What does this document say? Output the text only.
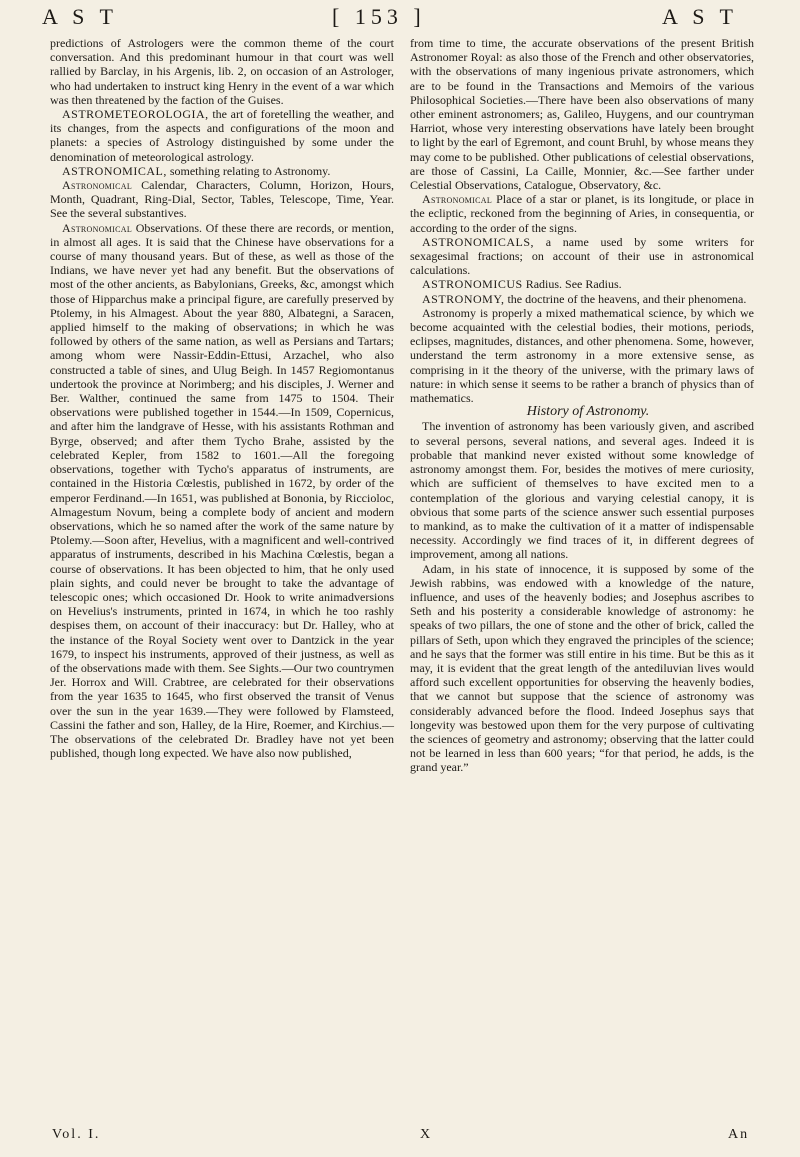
A S T	[ 153 ]	A S T

predictions of Astrologers were the common theme of the court conversation. And this predominant humour in that court was well rallied by Barclay, in his Argenis, lib. 2, on occasion of an Astrologer, who had undertaken to instruct king Henry in the event of a war which was then threatened by the faction of the Guises.

ASTROMETEOROLOGIA, the art of foretelling the weather, and its changes, from the aspects and configurations of the moon and planets: a species of Astrology distinguished by some under the denomination of meteorological astrology.

ASTRONOMICAL, something relating to Astronomy.

Astronomical Calendar, Characters, Column, Horizon, Hours, Month, Quadrant, Ring-Dial, Sector, Tables, Telescope, Time, Year. See the several substantives.

Astronomical Observations. Of these there are records, or mention, in almost all ages. It is said that the Chinese have observations for a course of many thousand years. But of these, as well as those of the Indians, we have never yet had any benefit. But the observations of most of the other ancients, as Babylonians, Greeks, &c, amongst which those of Hipparchus make a principal figure, are carefully preserved by Ptolemy, in his Almagest. About the year 880, Albategni, a Saracen, applied himself to the making of observations; in which he was followed by others of the same nation, as well as Persians and Tartars; among whom were Nassir-Eddin-Ettusi, Arzachel, who also constructed a table of sines, and Ulug Beigh. In 1457 Regiomontanus undertook the province at Norimberg; and his disciples, J. Werner and Ber. Walther, continued the same from 1475 to 1504. Their observations were published together in 1544.—In 1509, Copernicus, and after him the landgrave of Hesse, with his assistants Rothman and Byrge, observed; and after them Tycho Brahe, assisted by the celebrated Kepler, from 1582 to 1601.—All the foregoing observations, together with Tycho's apparatus of instruments, are contained in the Historia Cœlestis, published in 1672, by order of the emperor Ferdinand.—In 1651, was published at Bononia, by Riccioloc, Almagestum Novum, being a complete body of ancient and modern observations, which he so named after the work of the same nature by Ptolemy.—Soon after, Hevelius, with a magnificent and well-contrived apparatus of instruments, described in his Machina Cœlestis, began a course of observations. It has been objected to him, that he only used plain sights, and could never be brought to take the advantage of telescopic ones; which occasioned Dr. Hook to write animadversions on Hevelius's instruments, printed in 1674, in which he too rashly despises them, on account of their inaccuracy: but Dr. Halley, who at the instance of the Royal Society went over to Dantzick in the year 1679, to inspect his instruments, approved of their justness, as well as of the observations made with them. See Sights.—Our two countrymen Jer. Horrox and Will. Crabtree, are celebrated for their observations from the year 1635 to 1645, who first observed the transit of Venus over the sun in the year 1639.—They were followed by Flamsteed, Cassini the father and son, Halley, de la Hire, Roemer, and Kirchius.—The observations of the celebrated Dr. Bradley have not yet been published, though long expected. We have also now published,

from time to time, the accurate observations of the present British Astronomer Royal: as also those of the French and other observatories, with the observations of many ingenious private astronomers, which are to be found in the Transactions and Memoirs of the various Philosophical Societies.—There have been also observations of many other eminent astronomers; as, Galileo, Huygens, and our countryman Harriot, whose very interesting observations have lately been brought to light by the earl of Egremont, and count Bruhl, by whose means they may come to be published. Other publications of celestial observations, are those of Cassini, La Caille, Monnier, &c.—See farther under Celestial Observations, Catalogue, Observatory, &c.

Astronomical Place of a star or planet, is its longitude, or place in the ecliptic, reckoned from the beginning of Aries, in consequentia, or according to the order of the signs.

ASTRONOMICALS, a name used by some writers for sexagesimal fractions; on account of their use in astronomical calculations.

ASTRONOMICUS Radius. See Radius.

ASTRONOMY, the doctrine of the heavens, and their phenomena.

Astronomy is properly a mixed mathematical science, by which we become acquainted with the celestial bodies, their motions, periods, eclipses, magnitudes, distances, and other phenomena. Some, however, understand the term astronomy in a more extensive sense, as comprising in it the theory of the universe, with the primary laws of nature: in which sense it seems to be rather a branch of physics than of mathematics.

History of Astronomy.

The invention of astronomy has been variously given, and ascribed to several persons, several nations, and several ages. Indeed it is probable that mankind never existed without some knowledge of astronomy amongst them. For, besides the motives of mere curiosity, which are sufficient of themselves to have excited men to a contemplation of the glorious and varying celestial canopy, it is obvious that some parts of the science answer such essential purposes to mankind, as to make the cultivation of it a matter of indispensable necessity. Accordingly we find traces of it, in different degrees of improvement, among all nations.

Adam, in his state of innocence, it is supposed by some of the Jewish rabbins, was endowed with a knowledge of the nature, influence, and uses of the heavenly bodies; and Josephus ascribes to Seth and his posterity a considerable knowledge of astronomy: he speaks of two pillars, the one of stone and the other of brick, called the pillars of Seth, upon which they engraved the principles of the science; and he says that the former was still entire in his time. But be this as it may, it is evident that the great length of the antediluvian lives would afford such excellent opportunities for observing the heavenly bodies, that we cannot but suppose that the science of astronomy was considerably advanced before the flood. Indeed Josephus says that longevity was bestowed upon them for the very purpose of cultivating the sciences of geometry and astronomy; observing that the latter could not be learned in less than 600 years; “for that period, he adds, is the grand year.”

Vol. I.	X	An
